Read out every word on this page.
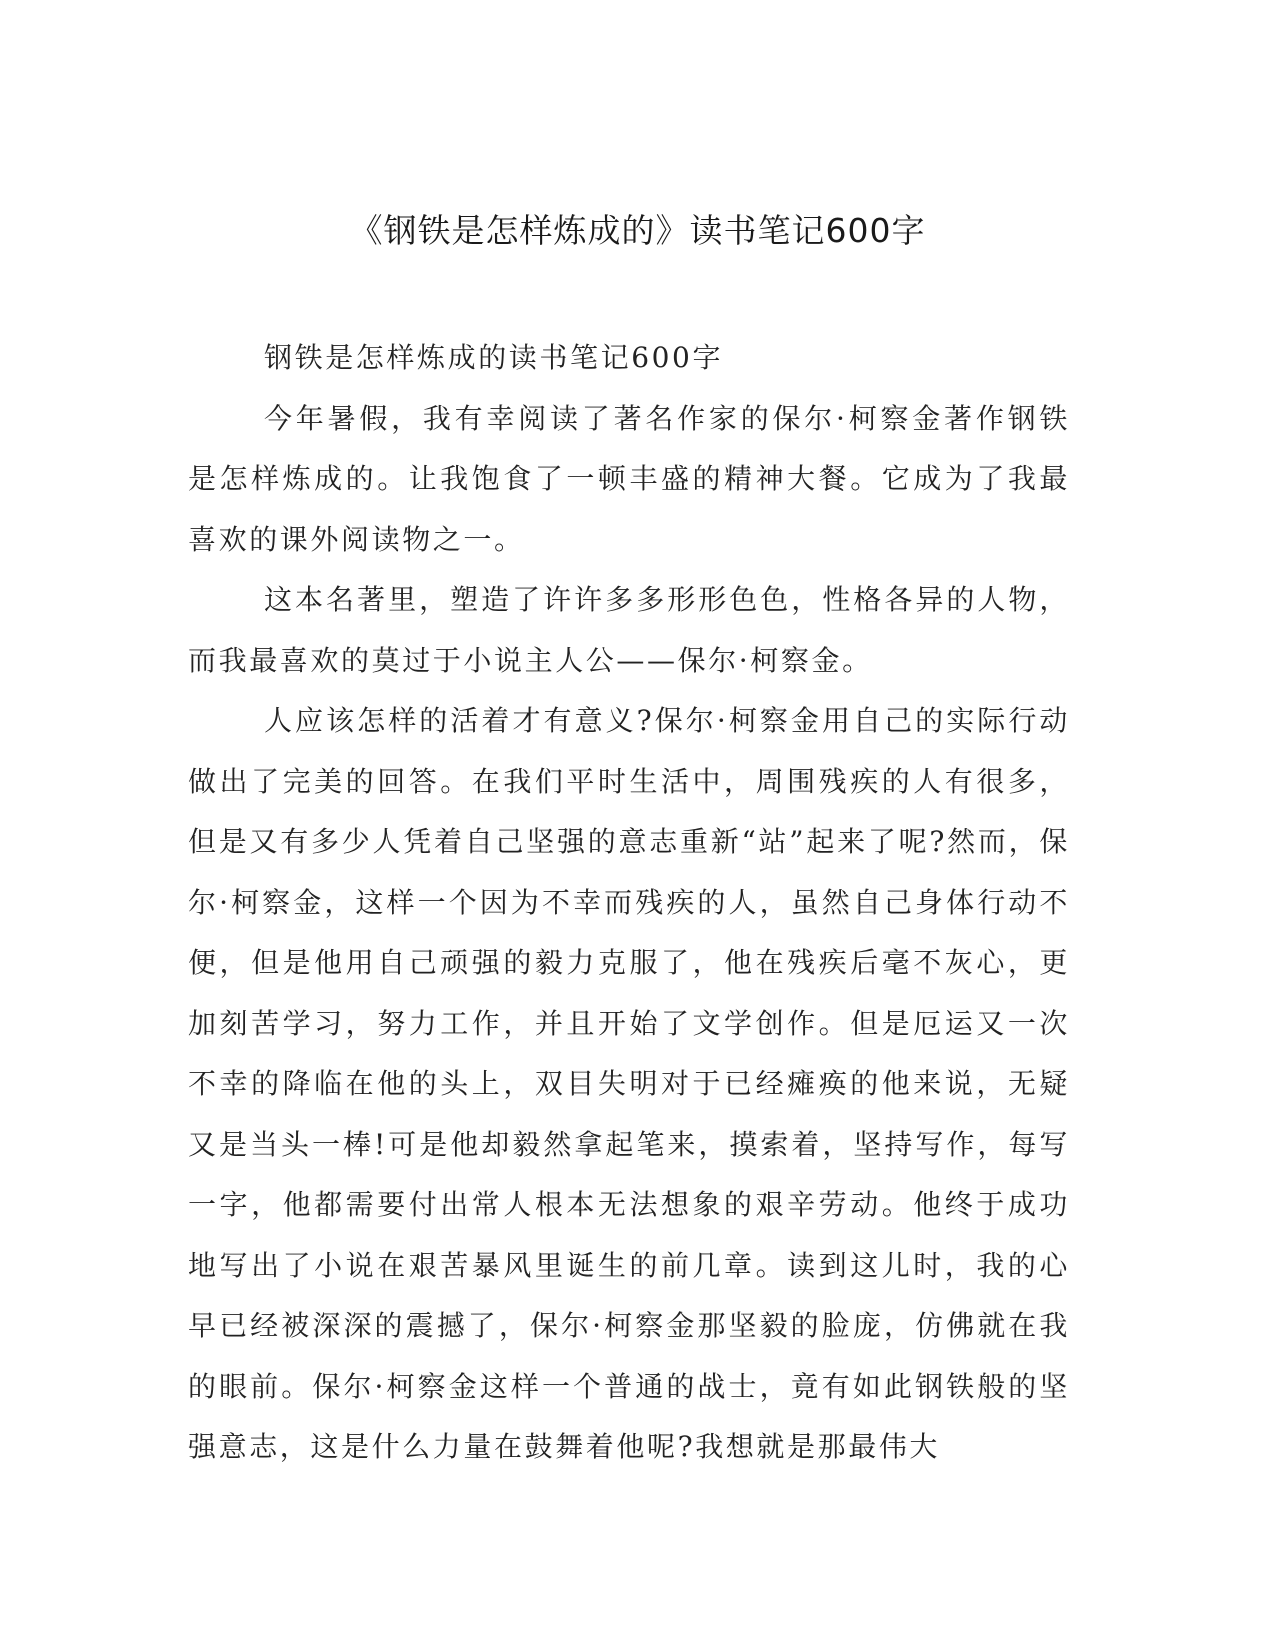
《钢铁是怎样炼成的》读书笔记600字

钢铁是怎样炼成的读书笔记600字

今年暑假，我有幸阅读了著名作家的保尔·柯察金著作钢铁是怎样炼成的。让我饱食了一顿丰盛的精神大餐。它成为了我最喜欢的课外阅读物之一。

这本名著里，塑造了许许多多形形色色，性格各异的人物，而我最喜欢的莫过于小说主人公——保尔·柯察金。

人应该怎样的活着才有意义?保尔·柯察金用自己的实际行动做出了完美的回答。在我们平时生活中，周围残疾的人有很多，但是又有多少人凭着自己坚强的意志重新“站”起来了呢?然而，保尔·柯察金，这样一个因为不幸而残疾的人，虽然自己身体行动不便，但是他用自己顽强的毅力克服了，他在残疾后毫不灰心，更加刻苦学习，努力工作，并且开始了文学创作。但是厄运又一次不幸的降临在他的头上，双目失明对于已经瘫痪的他来说，无疑又是当头一棒!可是他却毅然拿起笔来，摸索着，坚持写作，每写一字，他都需要付出常人根本无法想象的艰辛劳动。他终于成功地写出了小说在艰苦暴风里诞生的前几章。读到这儿时，我的心早已经被深深的震撼了，保尔·柯察金那坚毅的脸庞，仿佛就在我的眼前。保尔·柯察金这样一个普通的战士，竟有如此钢铁般的坚强意志，这是什么力量在鼓舞着他呢?我想就是那最伟大
